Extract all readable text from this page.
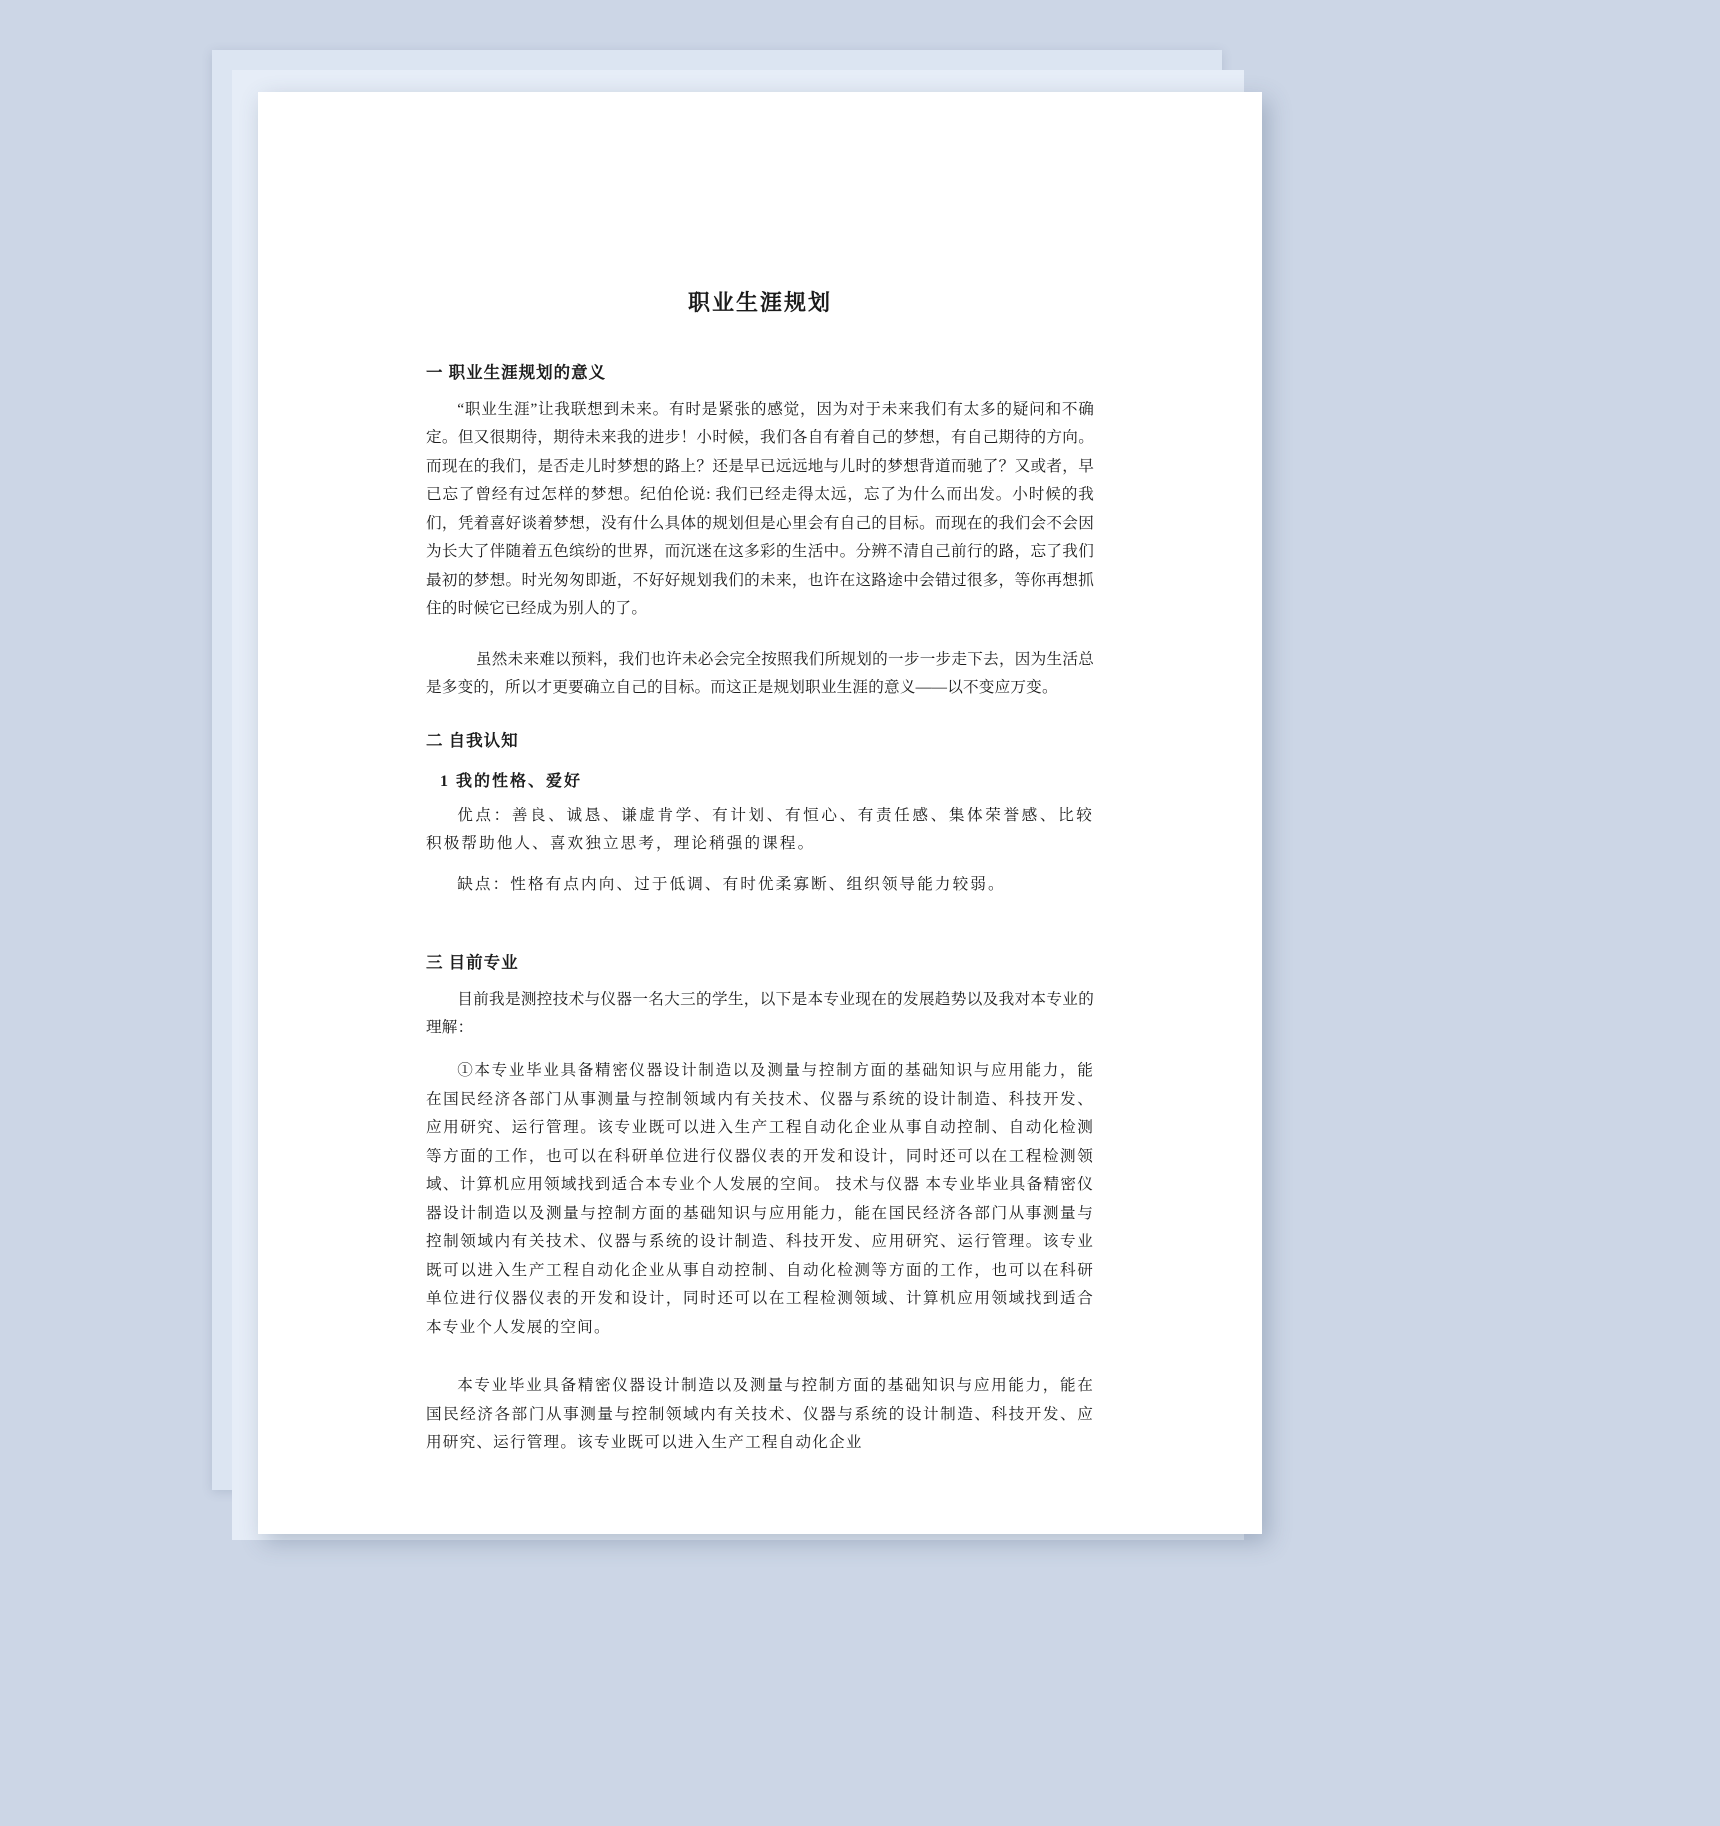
职业生涯规划
一 职业生涯规划的意义

“职业生涯”让我联想到未来。有时是紧张的感觉，因为对于未来我们有太多的疑问和不确定。但又很期待，期待未来我的进步！小时候，我们各自有着自己的梦想，有自己期待的方向。而现在的我们，是否走儿时梦想的路上？还是早已远远地与儿时的梦想背道而驰了？又或者，早已忘了曾经有过怎样的梦想。纪伯伦说: 我们已经走得太远，忘了为什么而出发。小时候的我们，凭着喜好谈着梦想，没有什么具体的规划但是心里会有自己的目标。而现在的我们会不会因为长大了伴随着五色缤纷的世界，而沉迷在这多彩的生活中。分辨不清自己前行的路，忘了我们最初的梦想。时光匆匆即逝，不好好规划我们的未来，也许在这路途中会错过很多，等你再想抓住的时候它已经成为别人的了。

虽然未来难以预料，我们也许未必会完全按照我们所规划的一步一步走下去，因为生活总是多变的，所以才更要确立自己的目标。而这正是规划职业生涯的意义——以不变应万变。

二 自我认知
1 我的性格、爱好

优点：善良、诚恳、谦虚肯学、有计划、有恒心、有责任感、集体荣誉感、比较积极帮助他人、喜欢独立思考，理论稍强的课程。

缺点：性格有点内向、过于低调、有时优柔寡断、组织领导能力较弱。

三 目前专业

目前我是测控技术与仪器一名大三的学生，以下是本专业现在的发展趋势以及我对本专业的理解：

①本专业毕业具备精密仪器设计制造以及测量与控制方面的基础知识与应用能力，能在国民经济各部门从事测量与控制领域内有关技术、仪器与系统的设计制造、科技开发、应用研究、运行管理。该专业既可以进入生产工程自动化企业从事自动控制、自动化检测等方面的工作，也可以在科研单位进行仪器仪表的开发和设计，同时还可以在工程检测领域、计算机应用领域找到适合本专业个人发展的空间。 技术与仪器 本专业毕业具备精密仪器设计制造以及测量与控制方面的基础知识与应用能力，能在国民经济各部门从事测量与控制领域内有关技术、仪器与系统的设计制造、科技开发、应用研究、运行管理。该专业既可以进入生产工程自动化企业从事自动控制、自动化检测等方面的工作，也可以在科研单位进行仪器仪表的开发和设计，同时还可以在工程检测领域、计算机应用领域找到适合本专业个人发展的空间。

本专业毕业具备精密仪器设计制造以及测量与控制方面的基础知识与应用能力，能在国民经济各部门从事测量与控制领域内有关技术、仪器与系统的设计制造、科技开发、应用研究、运行管理。该专业既可以进入生产工程自动化企业
